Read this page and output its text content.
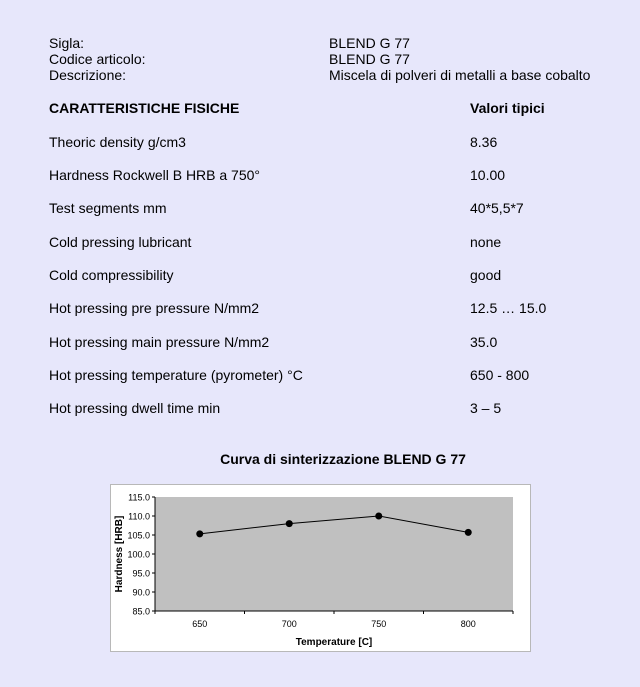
Sigla:	BLEND G 77
Codice articolo:	BLEND G 77
Descrizione:	Miscela di polveri di metalli a base cobalto
CARATTERISTICHE FISICHE	Valori tipici
Theoric density g/cm3	8.36
Hardness Rockwell B HRB a 750°	10.00
Test segments mm	40*5,5*7
Cold pressing lubricant	none
Cold compressibility	good
Hot pressing pre pressure N/mm2	12.5 … 15.0
Hot pressing main pressure N/mm2	35.0
Hot pressing temperature (pyrometer) °C	650 - 800
Hot pressing dwell time min	3 – 5
Curva di sinterizzazione BLEND G 77
85.0
90.0
95.0
100.0
105.0
110.0
115.0
650	700	750	800
Temperature [C]
Hardness [HRB]
